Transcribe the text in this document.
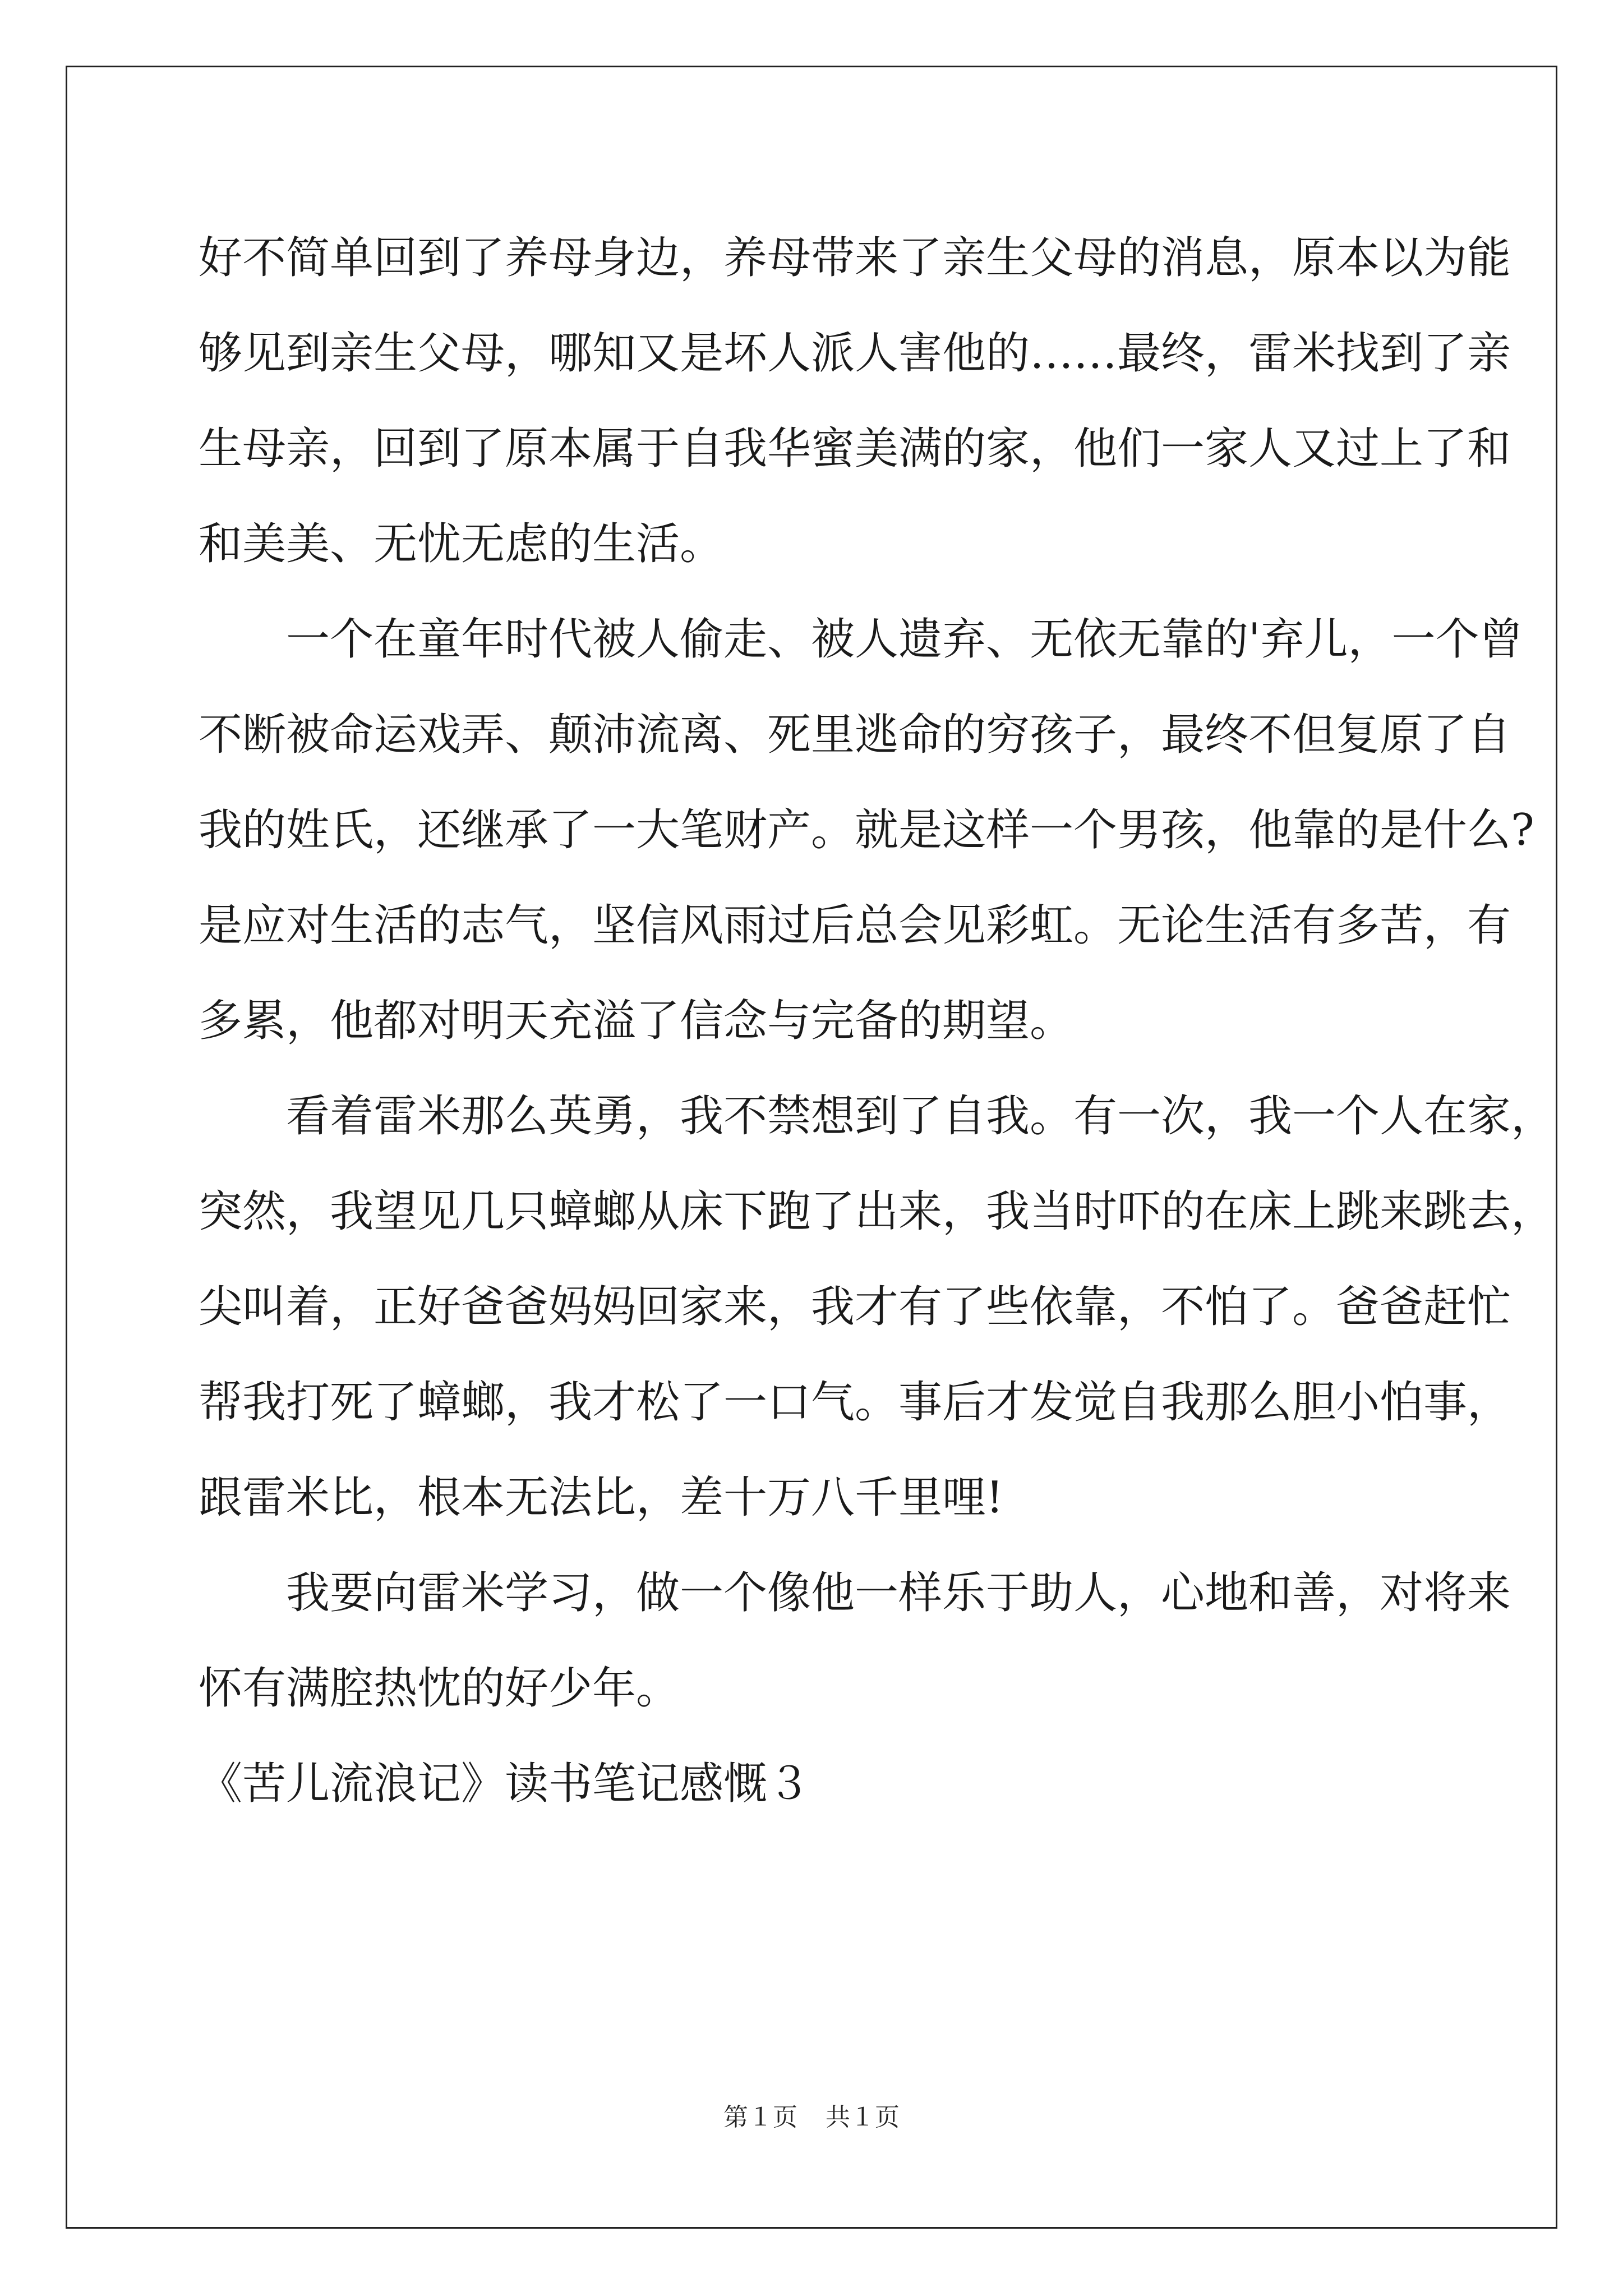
好不简单回到了养母身边，养母带来了亲生父母的消息，原本以为能
够见到亲生父母，哪知又是坏人派人害他的……最终，雷米找到了亲
生母亲，回到了原本属于自我华蜜美满的家，他们一家人又过上了和
和美美、无忧无虑的生活。
一个在童年时代被人偷走、被人遗弃、无依无靠的'弃儿，一个曾
不断被命运戏弄、颠沛流离、死里逃命的穷孩子，最终不但复原了自
我的姓氏，还继承了一大笔财产。就是这样一个男孩，他靠的是什么?
是应对生活的志气，坚信风雨过后总会见彩虹。无论生活有多苦，有
多累，他都对明天充溢了信念与完备的期望。
看着雷米那么英勇，我不禁想到了自我。有一次，我一个人在家，
突然，我望见几只蟑螂从床下跑了出来，我当时吓的在床上跳来跳去，
尖叫着，正好爸爸妈妈回家来，我才有了些依靠，不怕了。爸爸赶忙
帮我打死了蟑螂，我才松了一口气。事后才发觉自我那么胆小怕事，
跟雷米比，根本无法比，差十万八千里哩!
我要向雷米学习，做一个像他一样乐于助人，心地和善，对将来
怀有满腔热忱的好少年。
《苦儿流浪记》读书笔记感慨３
第１页 共１页
